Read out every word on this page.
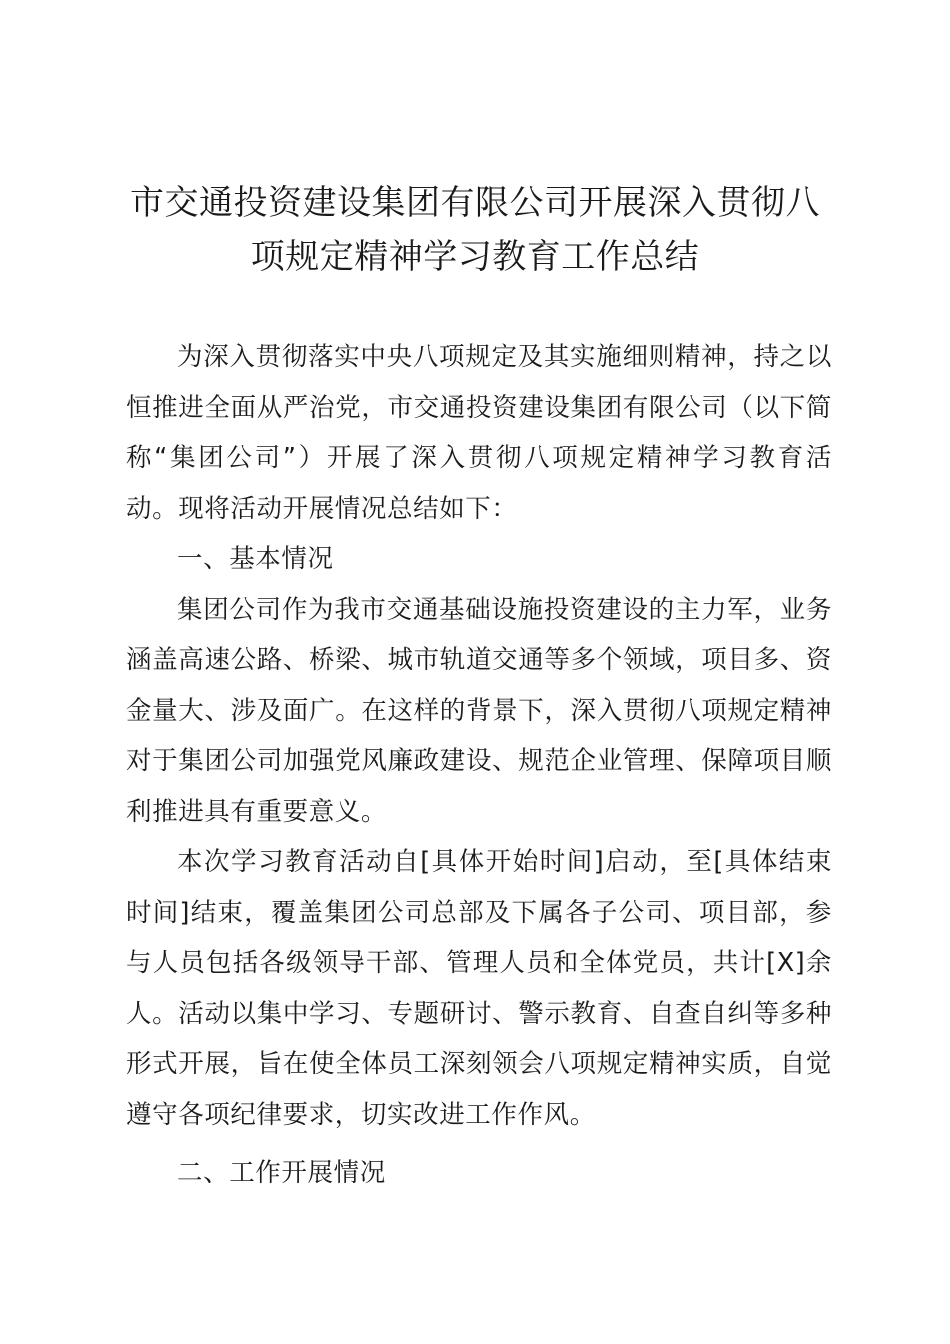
市交通投资建设集团有限公司开展深入贯彻八
项规定精神学习教育工作总结

为深入贯彻落实中央八项规定及其实施细则精神，持之以恒推进全面从严治党，市交通投资建设集团有限公司（以下简称“集团公司”）开展了深入贯彻八项规定精神学习教育活动。现将活动开展情况总结如下：

一、基本情况

集团公司作为我市交通基础设施投资建设的主力军，业务涵盖高速公路、桥梁、城市轨道交通等多个领域，项目多、资金量大、涉及面广。在这样的背景下，深入贯彻八项规定精神对于集团公司加强党风廉政建设、规范企业管理、保障项目顺利推进具有重要意义。

本次学习教育活动自[具体开始时间]启动，至[具体结束时间]结束，覆盖集团公司总部及下属各子公司、项目部，参与人员包括各级领导干部、管理人员和全体党员，共计[X]余人。活动以集中学习、专题研讨、警示教育、自查自纠等多种形式开展，旨在使全体员工深刻领会八项规定精神实质，自觉遵守各项纪律要求，切实改进工作作风。

二、工作开展情况
